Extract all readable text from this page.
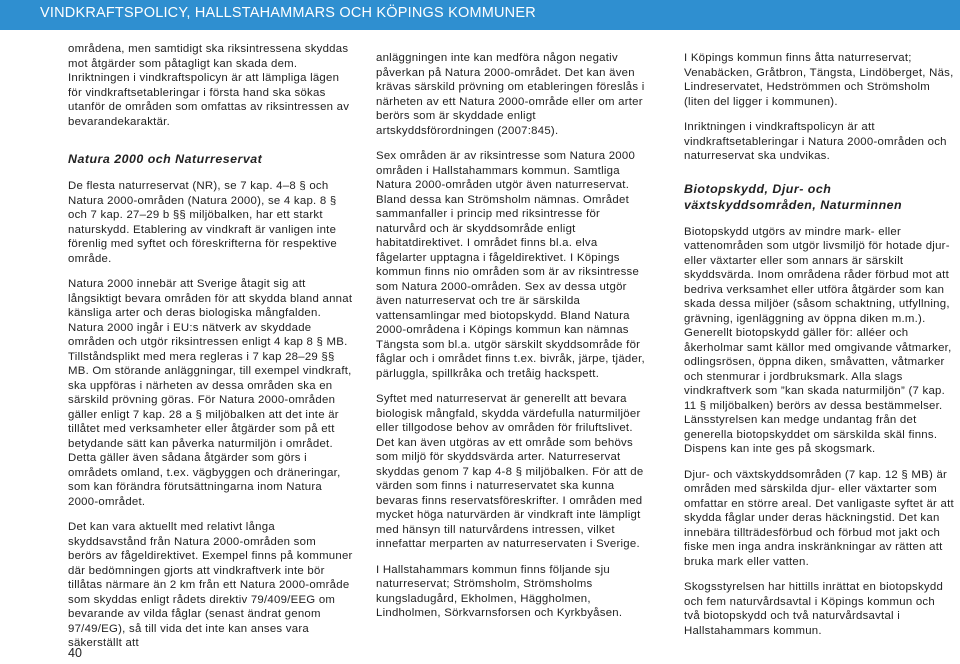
VINDKRAFTSPOLICY, HALLSTAHAMMARS OCH KÖPINGS KOMMUNER

områdena, men samtidigt ska riksintressena skyddas mot åtgärder som påtagligt kan skada dem. Inriktningen i vindkraftspolicyn är att lämpliga lägen för vindkraftsetableringar i första hand ska sökas utanför de områden som omfattas av riksintressen av bevarandekaraktär.

Natura 2000 och Naturreservat

De flesta naturreservat (NR), se 7 kap. 4–8 § och Natura 2000-områden (Natura 2000), se 4 kap. 8 § och 7 kap. 27–29 b §§ miljöbalken, har ett starkt naturskydd. Etablering av vindkraft är vanligen inte förenlig med syftet och föreskrifterna för respektive område.

Natura 2000 innebär att Sverige åtagit sig att långsiktigt bevara områden för att skydda bland annat känsliga arter och deras biologiska mångfalden. Natura 2000 ingår i EU:s nätverk av skyddade områden och utgör riksintressen enligt 4 kap 8 § MB. Tillståndsplikt med mera regleras i 7 kap 28–29 §§ MB. Om störande anläggningar, till exempel vindkraft, ska uppföras i närheten av dessa områden ska en särskild prövning göras. För Natura 2000-områden gäller enligt 7 kap. 28 a § miljöbalken att det inte är tillåtet med verksamheter eller åtgärder som på ett betydande sätt kan påverka naturmiljön i området. Detta gäller även sådana åtgärder som görs i områdets omland, t.ex. vägbyggen och dräneringar, som kan förändra förutsättningarna inom Natura 2000-området.

Det kan vara aktuellt med relativt långa skyddsavstånd från Natura 2000-områden som berörs av fågeldirektivet. Exempel finns på kommuner där bedömningen gjorts att vindkraftverk inte bör tillåtas närmare än 2 km från ett Natura 2000-område som skyddas enligt rådets direktiv 79/409/EEG om bevarande av vilda fåglar (senast ändrat genom 97/49/EG), så till vida det inte kan anses vara säkerställt att

anläggningen inte kan medföra någon negativ påverkan på Natura 2000-området. Det kan även krävas särskild prövning om etableringen föreslås i närheten av ett Natura 2000-område eller om arter berörs som är skyddade enligt artskyddsförordningen (2007:845).

Sex områden är av riksintresse som Natura 2000 områden i Hallstahammars kommun. Samtliga Natura 2000-områden utgör även naturreservat. Bland dessa kan Strömsholm nämnas. Området sammanfaller i princip med riksintresse för naturvård och är skyddsområde enligt habitatdirektivet. I området finns bl.a. elva fågelarter upptagna i fågeldirektivet. I Köpings kommun finns nio områden som är av riksintresse som Natura 2000-områden. Sex av dessa utgör även naturreservat och tre är särskilda vattensamlingar med biotopskydd. Bland Natura 2000-områdena i Köpings kommun kan nämnas Tängsta som bl.a. utgör särskilt skyddsområde för fåglar och i området finns t.ex. bivråk, järpe, tjäder, pärluggla, spillkråka och tretåig hackspett.

Syftet med naturreservat är generellt att bevara biologisk mångfald, skydda värdefulla naturmiljöer eller tillgodose behov av områden för friluftslivet. Det kan även utgöras av ett område som behövs som miljö för skyddsvärda arter. Naturreservat skyddas genom 7 kap 4-8 § miljöbalken. För att de värden som finns i naturreservatet ska kunna bevaras finns reservatsföreskrifter. I områden med mycket höga naturvärden är vindkraft inte lämpligt med hänsyn till naturvårdens intressen, vilket innefattar merparten av naturreservaten i Sverige.

I Hallstahammars kommun finns följande sju naturreservat; Strömsholm, Strömsholms kungsladugård, Ekholmen, Häggholmen, Lindholmen, Sörkvarnsforsen och Kyrkbyåsen.

I Köpings kommun finns åtta naturreservat; Venabäcken, Gråtbron, Tängsta, Lindöberget, Näs, Lindreservatet, Hedströmmen och Strömsholm (liten del ligger i kommunen).

Inriktningen i vindkraftspolicyn är att vindkraftsetableringar i Natura 2000-områden och naturreservat ska undvikas.

Biotopskydd, Djur- och växtskyddsområden, Naturminnen

Biotopskydd utgörs av mindre mark- eller vattenområden som utgör livsmiljö för hotade djur- eller växtarter eller som annars är särskilt skyddsvärda. Inom områdena råder förbud mot att bedriva verksamhet eller utföra åtgärder som kan skada dessa miljöer (såsom schaktning, utfyllning, grävning, igenläggning av öppna diken m.m.). Generellt biotopskydd gäller för: alléer och åkerholmar samt källor med omgivande våtmarker, odlingsrösen, öppna diken, småvatten, våtmarker och stenmurar i jordbruksmark. Alla slags vindkraftverk som ”kan skada naturmiljön” (7 kap. 11 § miljöbalken) berörs av dessa bestämmelser. Länsstyrelsen kan medge undantag från det generella biotopskyddet om särskilda skäl finns. Dispens kan inte ges på skogsmark.

Djur- och växtskyddsområden (7 kap. 12 § MB) är områden med särskilda djur- eller växtarter som omfattar en större areal. Det vanligaste syftet är att skydda fåglar under deras häckningstid. Det kan innebära tillträdesförbud och förbud mot jakt och fiske men inga andra inskränkningar av rätten att bruka mark eller vatten.

Skogsstyrelsen har hittills inrättat en biotopskydd och fem naturvårdsavtal i Köpings kommun och två biotopskydd och två naturvårdsavtal i Hallstahammars kommun.

40
